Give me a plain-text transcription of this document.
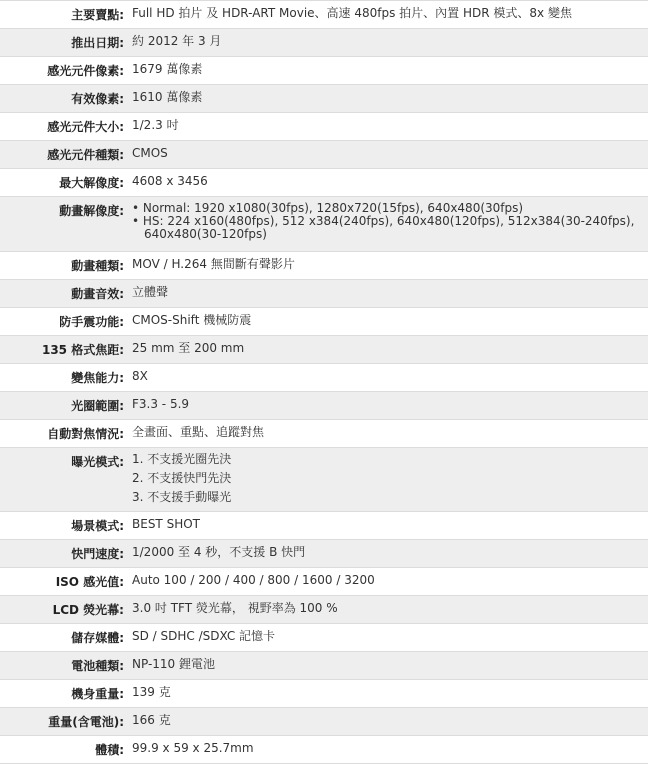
主要賣點: Full HD 拍片 及 HDR-ART Movie、高速 480fps 拍片、內置 HDR 模式、8x 變焦
推出日期: 約 2012 年 3 月
感光元件像素: 1679 萬像素
有效像素: 1610 萬像素
感光元件大小: 1/2.3 吋
感光元件種類: CMOS
最大解像度: 4608 x 3456
動畫解像度: • Normal: 1920 x1080(30fps), 1280x720(15fps), 640x480(30fps)
• HS: 224 x160(480fps), 512 x384(240fps), 640x480(120fps), 512x384(30-240fps),
640x480(30-120fps)
動畫種類: MOV / H.264 無間斷有聲影片
動畫音效: 立體聲
防手震功能: CMOS-Shift 機械防震
135 格式焦距: 25 mm 至 200 mm
變焦能力: 8X
光圈範圍: F3.3 - 5.9
自動對焦情況: 全畫面、重點、追蹤對焦
曝光模式: 1. 不支援光圈先決
2. 不支援快門先決
3. 不支援手動曝光
場景模式: BEST SHOT
快門速度: 1/2000 至 4 秒，不支援 B 快門
ISO 感光值: Auto 100 / 200 / 400 / 800 / 1600 / 3200
LCD 熒光幕: 3.0 吋 TFT 熒光幕， 視野率為 100 %
儲存媒體: SD / SDHC /SDXC 記憶卡
電池種類: NP-110 鋰電池
機身重量: 139 克
重量(含電池): 166 克
體積: 99.9 x 59 x 25.7mm
